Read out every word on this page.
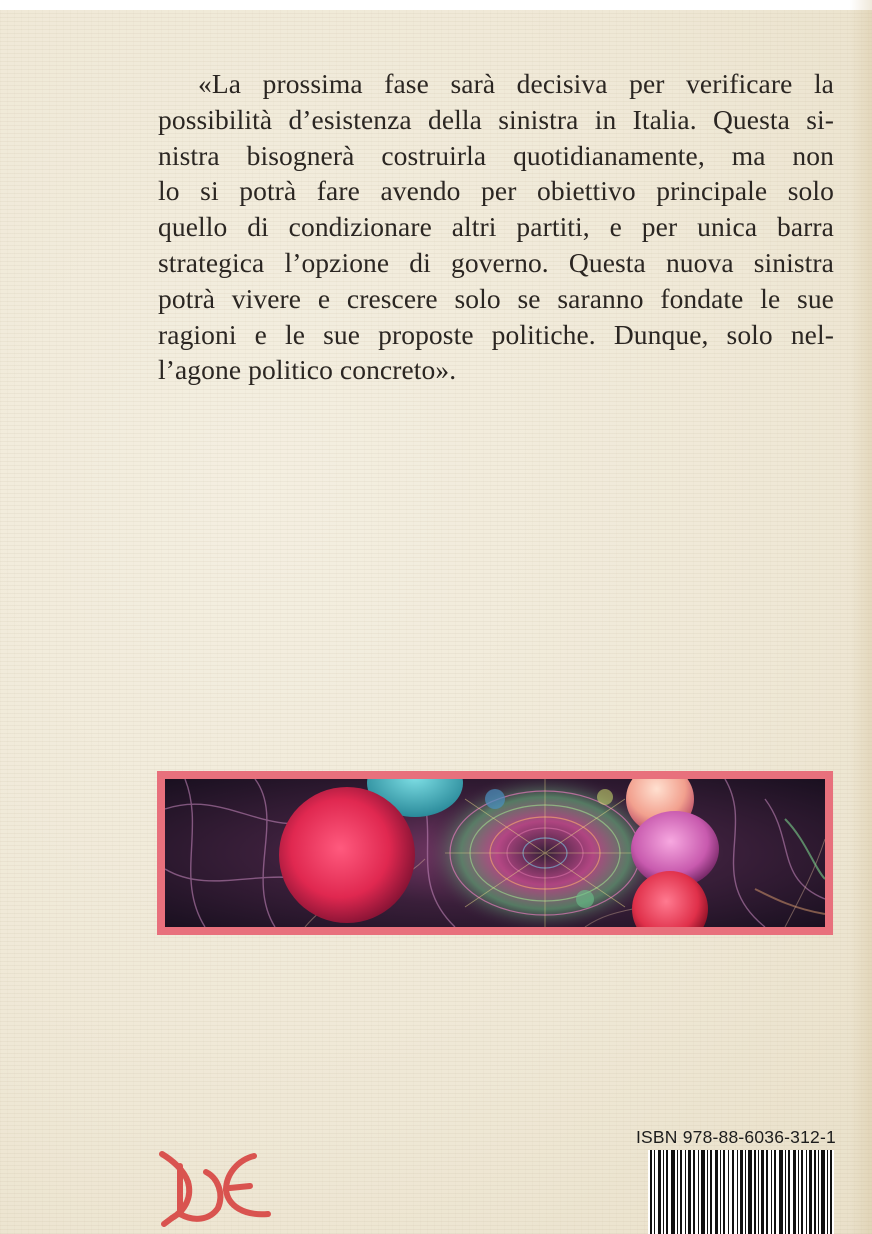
«La prossima fase sarà decisiva per verificare la
possibilità d’esistenza della sinistra in Italia. Questa si-
nistra bisognerà costruirla quotidianamente, ma non
lo si potrà fare avendo per obiettivo principale solo
quello di condizionare altri partiti, e per unica barra
strategica l’opzione di governo. Questa nuova sinistra
potrà vivere e crescere solo se saranno fondate le sue
ragioni e le sue proposte politiche. Dunque, solo nel-
l’agone politico concreto».
ISBN 978-88-6036-312-1
